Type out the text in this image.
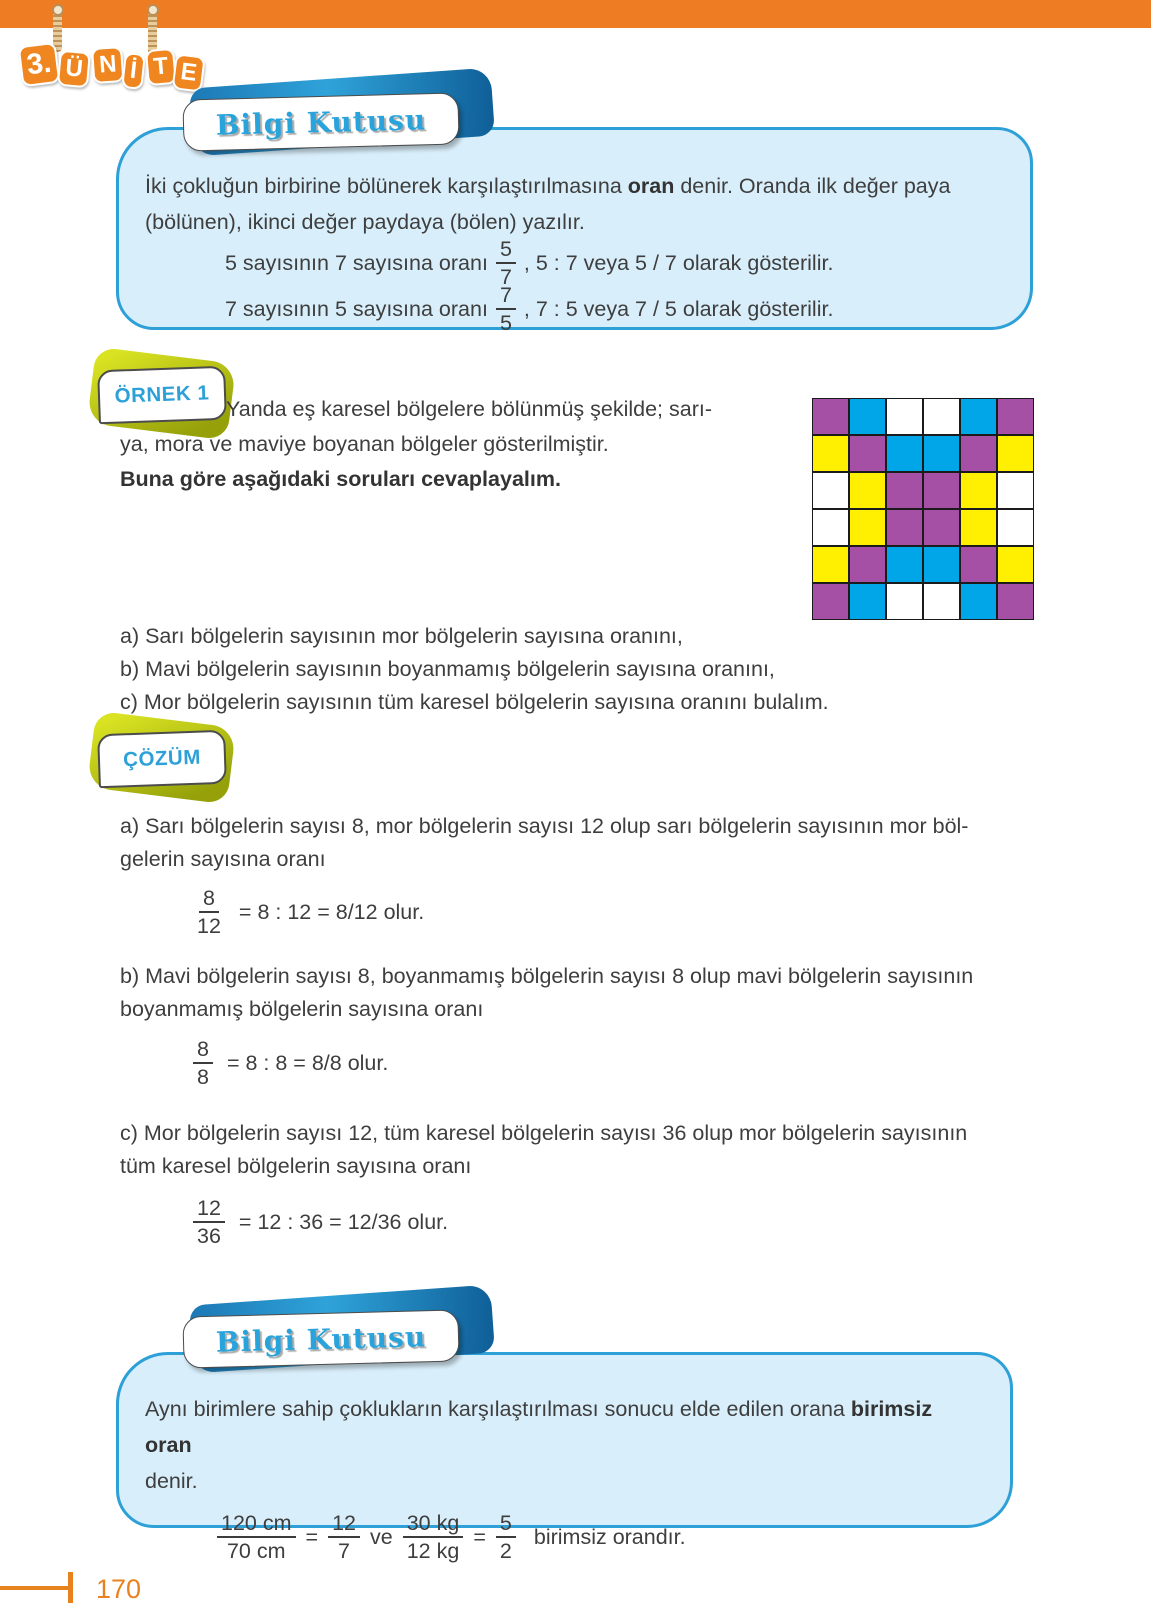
3. Ü N İ T E
İki çokluğun birbirine bölünerek karşılaştırılmasına oran denir. Oranda ilk değer paya
(bölünen), ikinci değer paydaya (bölen) yazılır.
5 sayısının 7 sayısına oranı $\frac{5}{7}$ , 5 : 7 veya 5 / 7 olarak gösterilir.
7 sayısının 5 sayısına oranı $\frac{7}{5}$ , 7 : 5 veya 7 / 5 olarak gösterilir.
Bilgi Kutusu
ÖRNEK 1
Yanda eş karesel bölgelere bölünmüş şekilde; sarı-
ya, mora ve maviye boyanan bölgeler gösterilmiştir.
Buna göre aşağıdaki soruları cevaplayalım.
a) Sarı bölgelerin sayısının mor bölgelerin sayısına oranını,
b) Mavi bölgelerin sayısının boyanmamış bölgelerin sayısına oranını,
c) Mor bölgelerin sayısının tüm karesel bölgelerin sayısına oranını bulalım.
ÇÖZÜM
a) Sarı bölgelerin sayısı 8, mor bölgelerin sayısı 12 olup sarı bölgelerin sayısının mor böl-
gelerin sayısına oranı
$\frac{8}{12} = 8$ : 12 = 8/12 olur.
b) Mavi bölgelerin sayısı 8, boyanmamış bölgelerin sayısı 8 olup mavi bölgelerin sayısının
boyanmamış bölgelerin sayısına oranı
$\frac{8}{8} = 8$ : 8 = 8/8 olur.
c) Mor bölgelerin sayısı 12, tüm karesel bölgelerin sayısı 36 olup mor bölgelerin sayısının
tüm karesel bölgelerin sayısına oranı
$\frac{12}{36} = 12$ : 36 = 12/36 olur.
Aynı birimlere sahip çoklukların karşılaştırılması sonucu elde edilen orana birimsiz oran
denir.
$\frac{120 cm}{70 cm} = \frac{12}{7}$ ve $\frac{30 kg}{12 kg} = \frac{5}{2}$ birimsiz orandır.
Bilgi Kutusu
170
